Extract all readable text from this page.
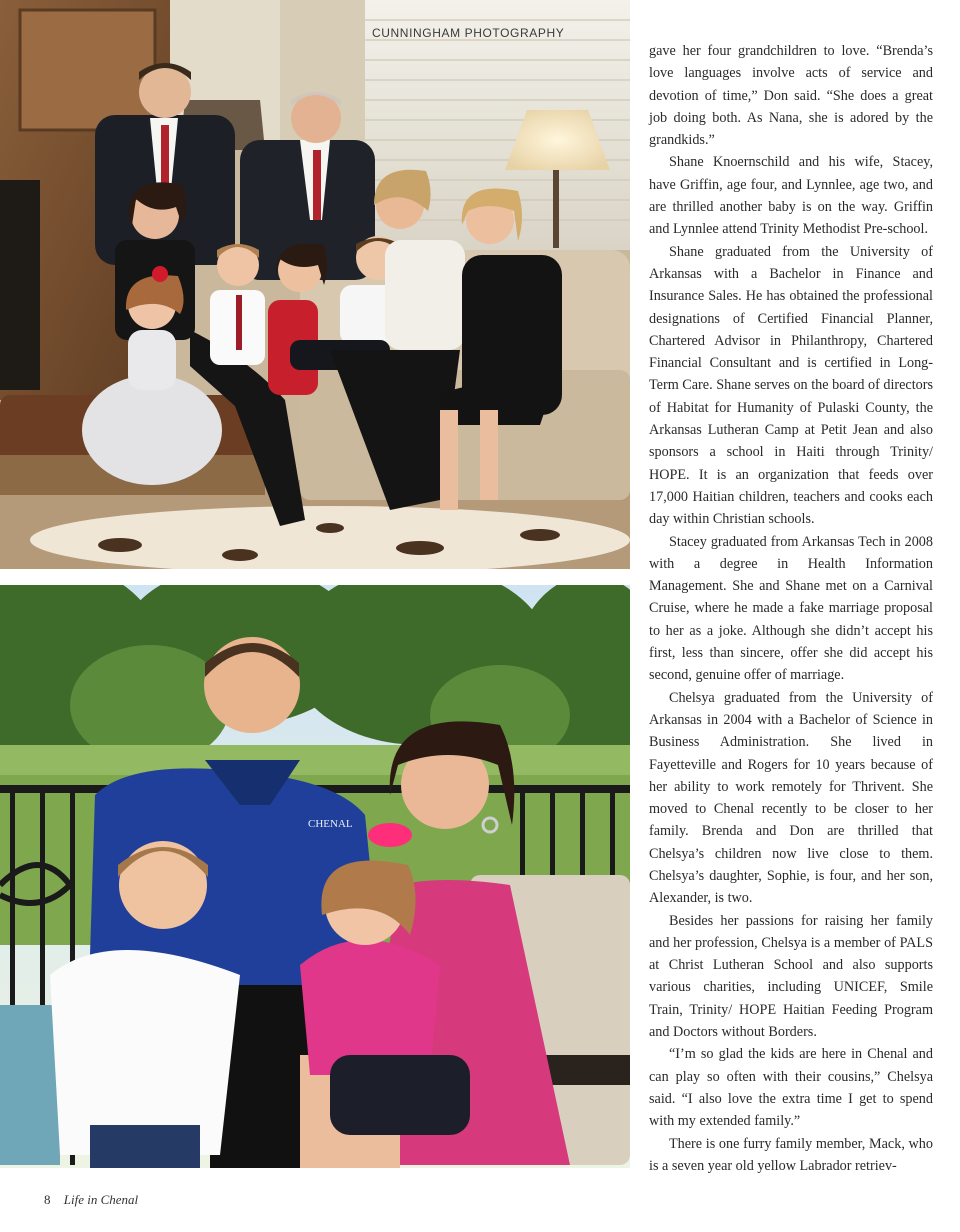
CUNNINGHAM PHOTOGRAPHY
CHENAL

gave her four grandchildren to love. “Brenda’s love languages involve acts of service and devotion of time,” Don said. “She does a great job doing both. As Nana, she is adored by the grandkids.”

Shane Knoernschild and his wife, Stacey, have Griffin, age four, and Lynnlee, age two, and are thrilled another baby is on the way. Griffin and Lynnlee attend Trinity Methodist Pre-school.

Shane graduated from the University of Arkansas with a Bachelor in Finance and Insurance Sales. He has obtained the professional designations of Certified Financial Planner, Chartered Advisor in Philanthropy, Chartered Financial Consultant and is certified in Long-Term Care. Shane serves on the board of directors of Habitat for Humanity of Pulaski County, the Arkansas Lutheran Camp at Petit Jean and also sponsors a school in Haiti through Trinity/ HOPE. It is an organization that feeds over 17,000 Haitian children, teachers and cooks each day within Christian schools.

Stacey graduated from Arkansas Tech in 2008 with a degree in Health Information Management. She and Shane met on a Carnival Cruise, where he made a fake marriage proposal to her as a joke. Although she didn’t accept his first, less than sincere, offer she did accept his second, genuine offer of marriage.

Chelsya graduated from the University of Arkansas in 2004 with a Bachelor of Science in Business Administration. She lived in Fayetteville and Rogers for 10 years because of her ability to work remotely for Thrivent. She moved to Chenal recently to be closer to her family. Brenda and Don are thrilled that Chelsya’s children now live close to them. Chelsya’s daughter, Sophie, is four, and her son, Alexander, is two.

Besides her passions for raising her family and her profession, Chelsya is a member of PALS at Christ Lutheran School and also supports various charities, including UNICEF, Smile Train, Trinity/ HOPE Haitian Feeding Program and Doctors without Borders.

“I’m so glad the kids are here in Chenal and can play so often with their cousins,” Chelsya said. “I also love the extra time I get to spend with my extended family.”

There is one furry family member, Mack, who is a seven year old yellow Labrador retriev-

8 Life in Chenal
